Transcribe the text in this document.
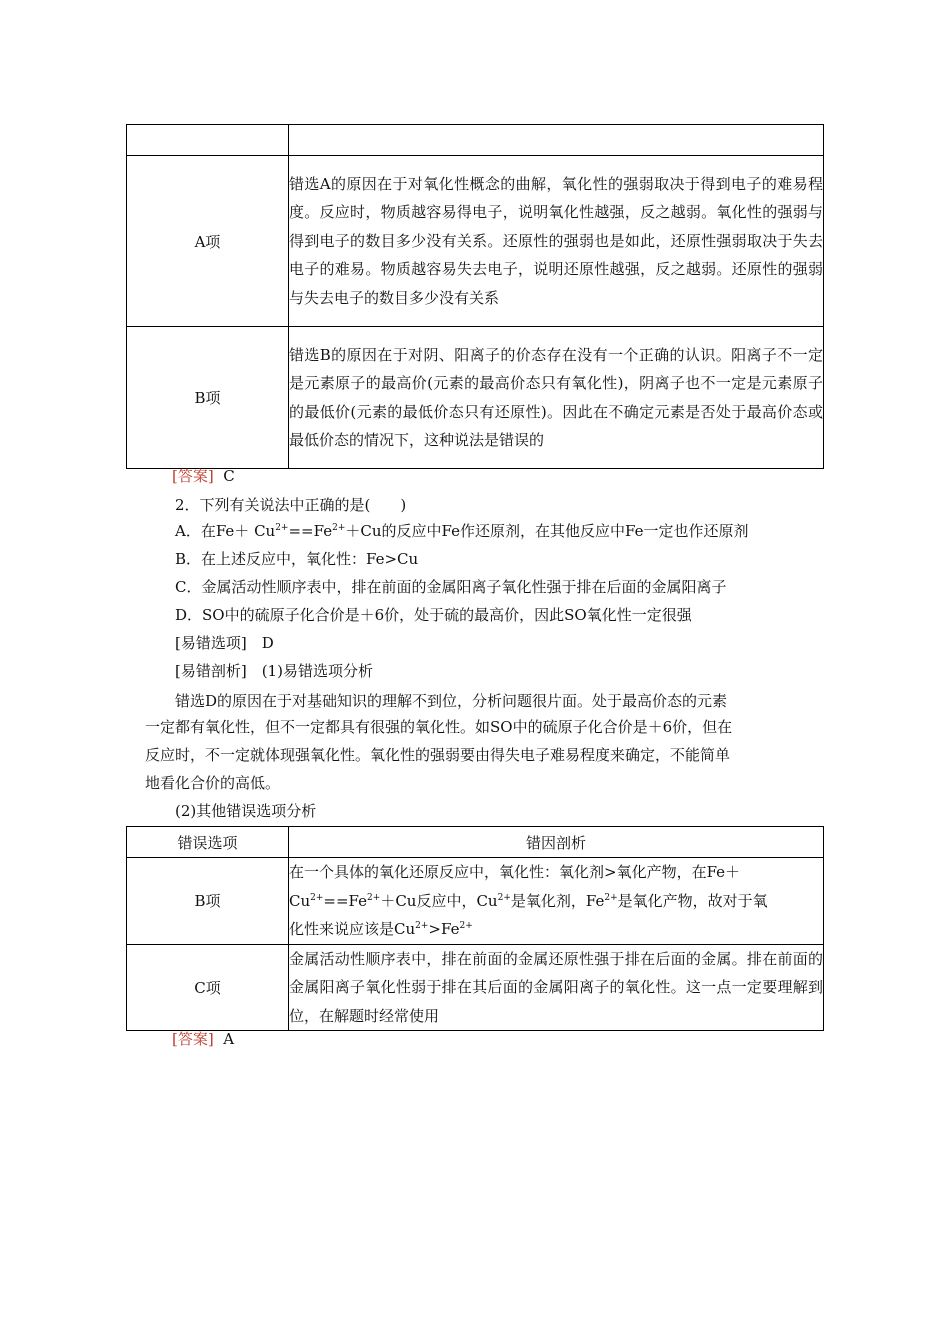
A项	错选A的原因在于对氧化性概念的曲解，氧化性的强弱取决于得到电子的难易程度。反应时，物质越容易得电子，说明氧化性越强，反之越弱。氧化性的强弱与得到电子的数目多少没有关系。还原性的强弱也是如此，还原性强弱取决于失去电子的难易。物质越容易失去电子，说明还原性越强，反之越弱。还原性的强弱与失去电子的数目多少没有关系
B项	错选B的原因在于对阴、阳离子的价态存在没有一个正确的认识。阳离子不一定是元素原子的最高价(元素的最高价态只有氧化性)，阴离子也不一定是元素原子的最低价(元素的最低价态只有还原性)。因此在不确定元素是否处于最高价态或最低价态的情况下，这种说法是错误的
[答案] C
2．下列有关说法中正确的是(　　)
A．在$Fe+ Cu^{2+}==Fe^{2+}+Cu$的反应中Fe作还原剂，在其他反应中Fe一定也作还原剂
B．在上述反应中，氧化性：Fe>Cu
C．金属活动性顺序表中，排在前面的金属阳离子氧化性强于排在后面的金属阳离子
D．SO中的硫原子化合价是＋6价，处于硫的最高价，因此SO氧化性一定很强
[易错选项]　D
[易错剖析]　(1)易错选项分析
错选D的原因在于对基础知识的理解不到位，分析问题很片面。处于最高价态的元素
一定都有氧化性，但不一定都具有很强的氧化性。如SO中的硫原子化合价是＋6价，但在
反应时，不一定就体现强氧化性。氧化性的强弱要由得失电子难易程度来确定，不能简单
地看化合价的高低。
(2)其他错误选项分析
错误选项	错因剖析
B项	在一个具体的氧化还原反应中，氧化性：氧化剂>氧化产物，在Fe＋
$Cu^{2+}==Fe^{2+}+Cu$反应中，$Cu^{2+}$是氧化剂，$Fe^{2+}$是氧化产物，故对于氧
化性来说应该是$Cu^{2+}>Fe^{2+}$
C项	金属活动性顺序表中，排在前面的金属还原性强于排在后面的金属。排在前面的金属阳离子氧化性弱于排在其后面的金属阳离子的氧化性。这一点一定要理解到位，在解题时经常使用
[答案] A
